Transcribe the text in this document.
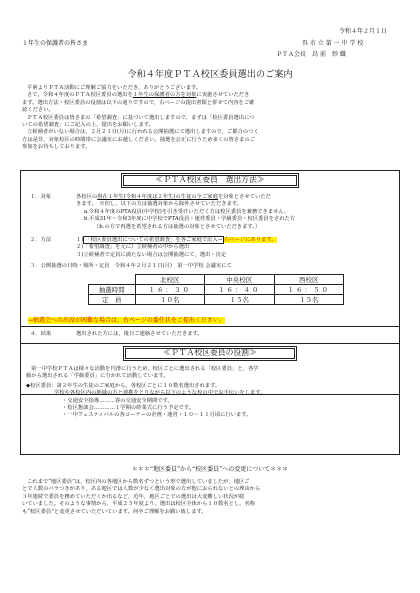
令和４年２月１日
１年生の保護者の皆さま	呉 市 立 第 一 中 学 校
ＰＴＡ会長　 鳥 前　紗 織
令和４年度ＰＴＡ校区委員選出のご案内
平素よりＰＴＡ活動にご理解ご協力をいただき，ありがとうございます。
さて，令和４年度のＰＴＡ校区委員の選出を１年生の保護者の方を対象に実施させていただき
ます。選出方法・校区委員の役割は以下の通りですので，右ページの提出書類と併せて内容をご確
認ください。
ＰＴＡ校区委員は皆さまの「希望調査」に基づいて選出しますので，まずは「校区委員選出につ
いての希望調査」にご記入の上，提出をお願いします。
立候補者がいない場合は，２月２１日(月)に行われる公開抽選にて選出しますので，ご都合のつく
方は是非，対象校区の時間帯に会議室にお越しください。抽選を公正に行うため多くの皆さまのご
参加をお待ちしております。
≪ＰＴＡ校区委員　選出方法≫
１．対象	各校区の現在１年生(令和４年度は２年生)の生徒の全ご家庭を対象とさせていただ
きます。　※但し，以下の方は抽選対象から除外させていただきます。
a.令和４年度のPTA役員(中学校)を引き受けいただく方は校区委員を兼務できません。
b.平成31年～令和3年度に中学校でPTA役員・運営委員・学級委員・校区委員をされた方
（b.の方で再選を希望される方は抽選の対象とさせていただきます。）
２．方法	１) 「校区委員選出についての希望調査」を各ご家庭で記入→ 右ページにあります。
２)「希望調査」を元に）立候補者の中から選出
３)立候補者で定員に満たない場合は公開抽選にて，選出・決定
３．公開抽選の日時・場所・定員　 令和４年２月２１日(月)　第一中学校 会議室にて
	北校区	中央校区	西校区
抽選時間	１６：３０	１６：４０	１６：５０
定　員	１０名	１５名	１５名
→抽選会への出席が困難な場合は，右ページの委任状をご提出ください。
４．結果	選出された方には，後日ご連絡させていただきます。
≪ＰＴＡ校区委員の役割≫
第一中学校ＰＴＡは様々な活動を円滑に行うため，校区ごとに選出される「校区委員」と，各学
級から選出される「学級委員」に分かれて活動しています。
◆校区委員：第２年生の生徒のご家庭から，各校区ごとに１０数名選出されます。
学校や各校区内の地域の方と連携をとりながら以下のような校の中でお手伝いをします。
・交通安全指導………春の交通安全期間です。
・校区懇談会…………１学期の終業式に行う予定です。
・一中フェスティバルの各コーナーの企画・運営・１０～１１月頃に行います。
＊＊＊“地区委員”から“校区委員”への変更について＊＊＊
これまで“地区委員”は，校区内の各地区から数名ずつという形で選出していましたが，地区ご
とで人数のバラつきがあり，ある地区では人数が少なく選出対象の方が他におられないとの理由から
３年連続で委員を務めていただくか出るなど，近年，地区ごとでの選出は大変難しい状況が続
いていました。そのような事情から，平成２５年度より，選出は校区全体から１０数名とし，名称
も“校区委員”と変更させていただいています。何卒ご理解をお願い致します。
